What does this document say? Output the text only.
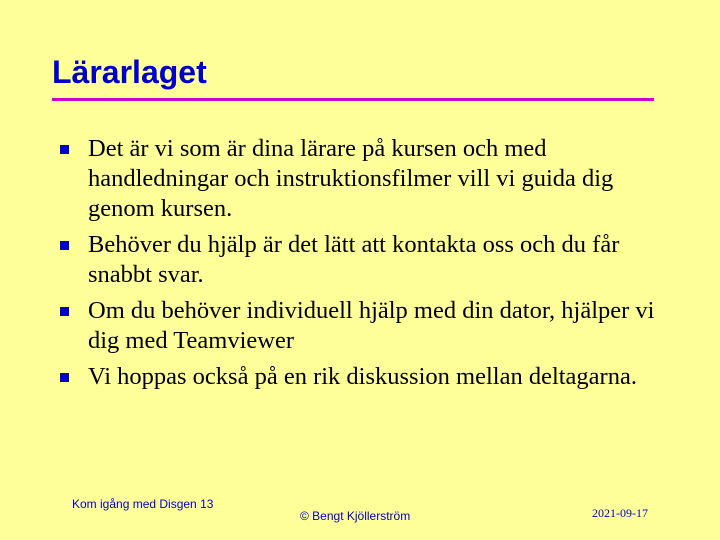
Lärarlaget
Det är vi som är dina lärare på kursen och med handledningar och instruktionsfilmer vill vi guida dig genom kursen.
Behöver du hjälp är det lätt att kontakta oss och du får snabbt svar.
Om du behöver individuell hjälp med din dator, hjälper vi dig med Teamviewer
Vi hoppas också på en rik diskussion mellan deltagarna.
Kom igång med Disgen 13
© Bengt Kjöllerström	2021-09-17
